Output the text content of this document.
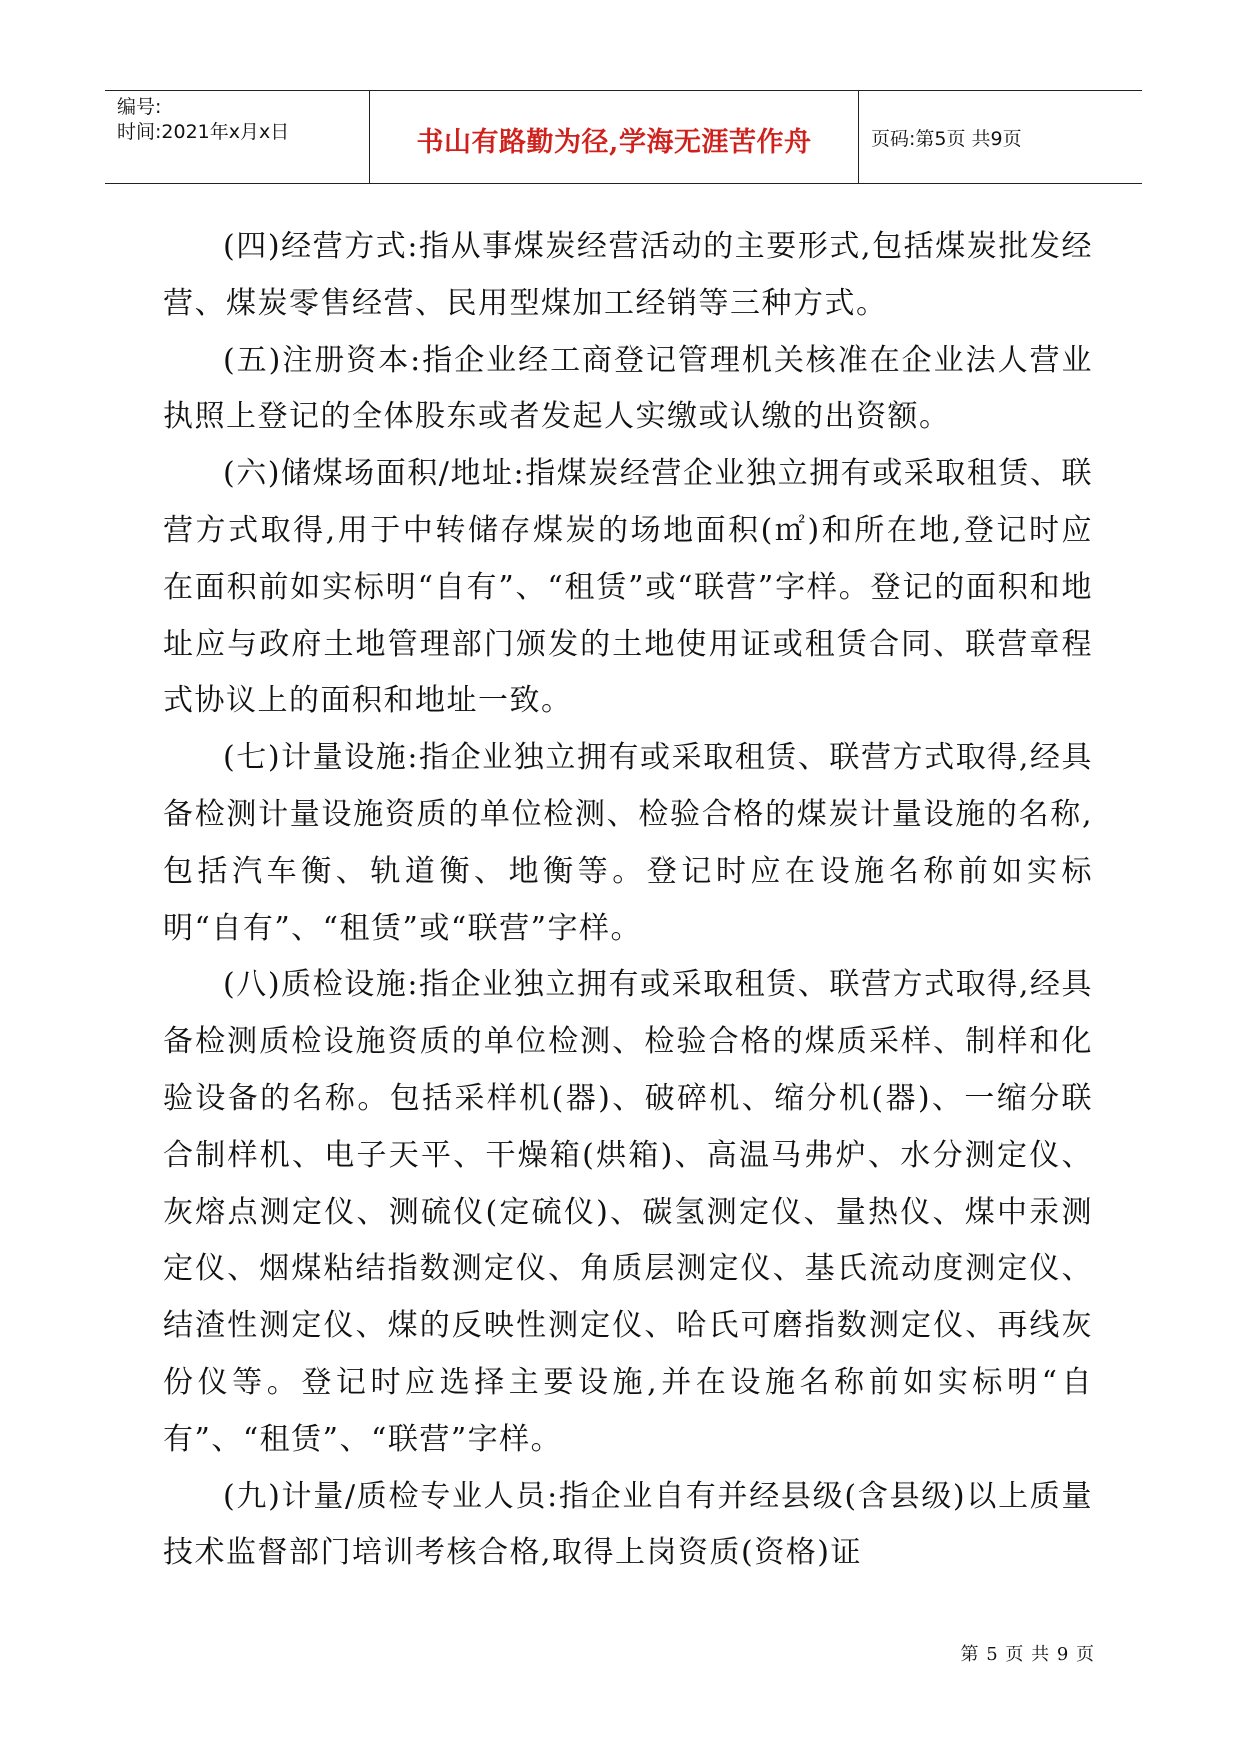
编号:
时间:2021年x月x日	书山有路勤为径,学海无涯苦作舟	页码:第5页 共9页

(四)经营方式:指从事煤炭经营活动的主要形式,包括煤炭批发经营、煤炭零售经营、民用型煤加工经销等三种方式。

(五)注册资本:指企业经工商登记管理机关核准在企业法人营业执照上登记的全体股东或者发起人实缴或认缴的出资额。

(六)储煤场面积/地址:指煤炭经营企业独立拥有或采取租赁、联营方式取得,用于中转储存煤炭的场地面积(㎡)和所在地,登记时应在面积前如实标明“自有”、“租赁”或“联营”字样。登记的面积和地址应与政府土地管理部门颁发的土地使用证或租赁合同、联营章程式协议上的面积和地址一致。

(七)计量设施:指企业独立拥有或采取租赁、联营方式取得,经具备检测计量设施资质的单位检测、检验合格的煤炭计量设施的名称,包括汽车衡、轨道衡、地衡等。登记时应在设施名称前如实标明“自有”、“租赁”或“联营”字样。

(八)质检设施:指企业独立拥有或采取租赁、联营方式取得,经具备检测质检设施资质的单位检测、检验合格的煤质采样、制样和化验设备的名称。包括采样机(器)、破碎机、缩分机(器)、一缩分联合制样机、电子天平、干燥箱(烘箱)、高温马弗炉、水分测定仪、灰熔点测定仪、测硫仪(定硫仪)、碳氢测定仪、量热仪、煤中汞测定仪、烟煤粘结指数测定仪、角质层测定仪、基氏流动度测定仪、结渣性测定仪、煤的反映性测定仪、哈氏可磨指数测定仪、再线灰份仪等。登记时应选择主要设施,并在设施名称前如实标明“自有”、“租赁”、“联营”字样。

(九)计量/质检专业人员:指企业自有并经县级(含县级)以上质量技术监督部门培训考核合格,取得上岗资质(资格)证

第 5 页 共 9 页
